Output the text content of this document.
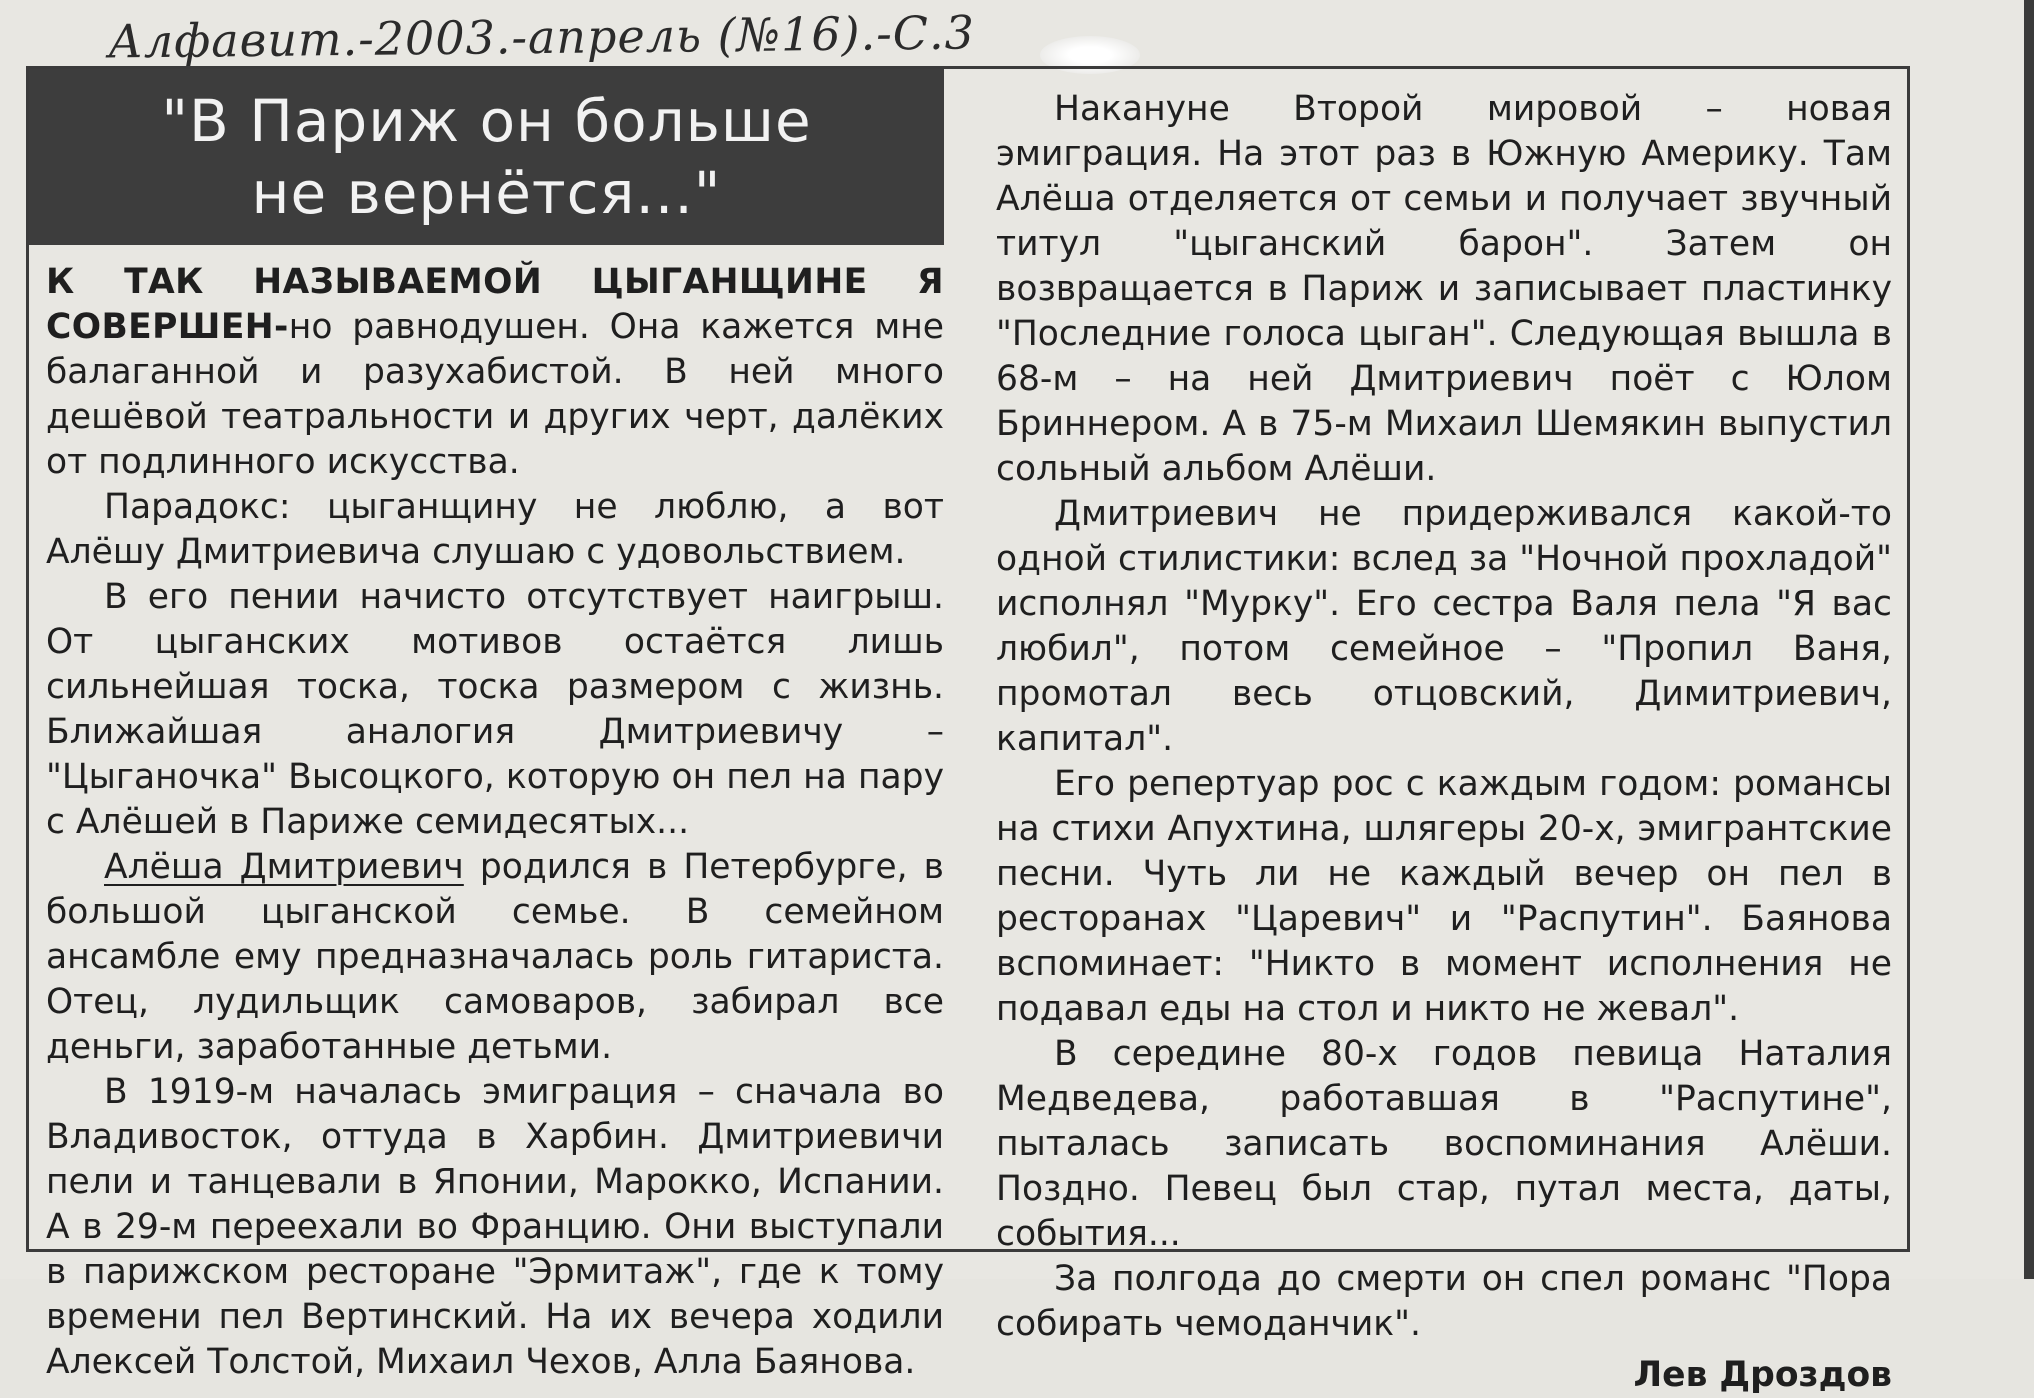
Алфавит.-2003.-апрель (№16).-С.3
"В Париж он больше
не вернётся..."

К ТАК НАЗЫВАЕМОЙ ЦЫГАНЩИНЕ Я СОВЕРШЕН-но равнодушен. Она кажется мне балаганной и разухабистой. В ней много дешёвой театральности и других черт, далёких от подлинного искусства.

Парадокс: цыганщину не люблю, а вот Алёшу Дмитриевича слушаю с удовольствием.

В его пении начисто отсутствует наигрыш. От цыганских мотивов остаётся лишь сильнейшая тоска, тоска размером с жизнь. Ближайшая аналогия Дмитриевичу – "Цыганочка" Высоцкого, которую он пел на пару с Алёшей в Париже семидесятых...

Алёша Дмитриевич родился в Петербурге, в большой цыганской семье. В семейном ансамбле ему предназначалась роль гитариста. Отец, лудильщик самоваров, забирал все деньги, заработанные детьми.

В 1919-м началась эмиграция – сначала во Владивосток, оттуда в Харбин. Дмитриевичи пели и танцевали в Японии, Марокко, Испании. А в 29-м переехали во Францию. Они выступали в парижском ресторане "Эрмитаж", где к тому времени пел Вертинский. На их вечера ходили Алексей Толстой, Михаил Чехов, Алла Баянова.

Накануне Второй мировой – новая эмиграция. На этот раз в Южную Америку. Там Алёша отделяется от семьи и получает звучный титул "цыганский барон". Затем он возвращается в Париж и записывает пластинку "Последние голоса цыган". Следующая вышла в 68-м – на ней Дмитриевич поёт с Юлом Бриннером. А в 75-м Михаил Шемякин выпустил сольный альбом Алёши.

Дмитриевич не придерживался какой-то одной стилистики: вслед за "Ночной прохладой" исполнял "Мурку". Его сестра Валя пела "Я вас любил", потом семейное – "Пропил Ваня, промотал весь отцовский, Димитриевич, капитал".

Его репертуар рос с каждым годом: романсы на стихи Апухтина, шлягеры 20-х, эмигрантские песни. Чуть ли не каждый вечер он пел в ресторанах "Царевич" и "Распутин". Баянова вспоминает: "Никто в момент исполнения не подавал еды на стол и никто не жевал".

В середине 80-х годов певица Наталия Медведева, работавшая в "Распутине", пыталась записать воспоминания Алёши. Поздно. Певец был стар, путал места, даты, события...

За полгода до смерти он спел романс "Пора собирать чемоданчик".

Лев Дроздов
